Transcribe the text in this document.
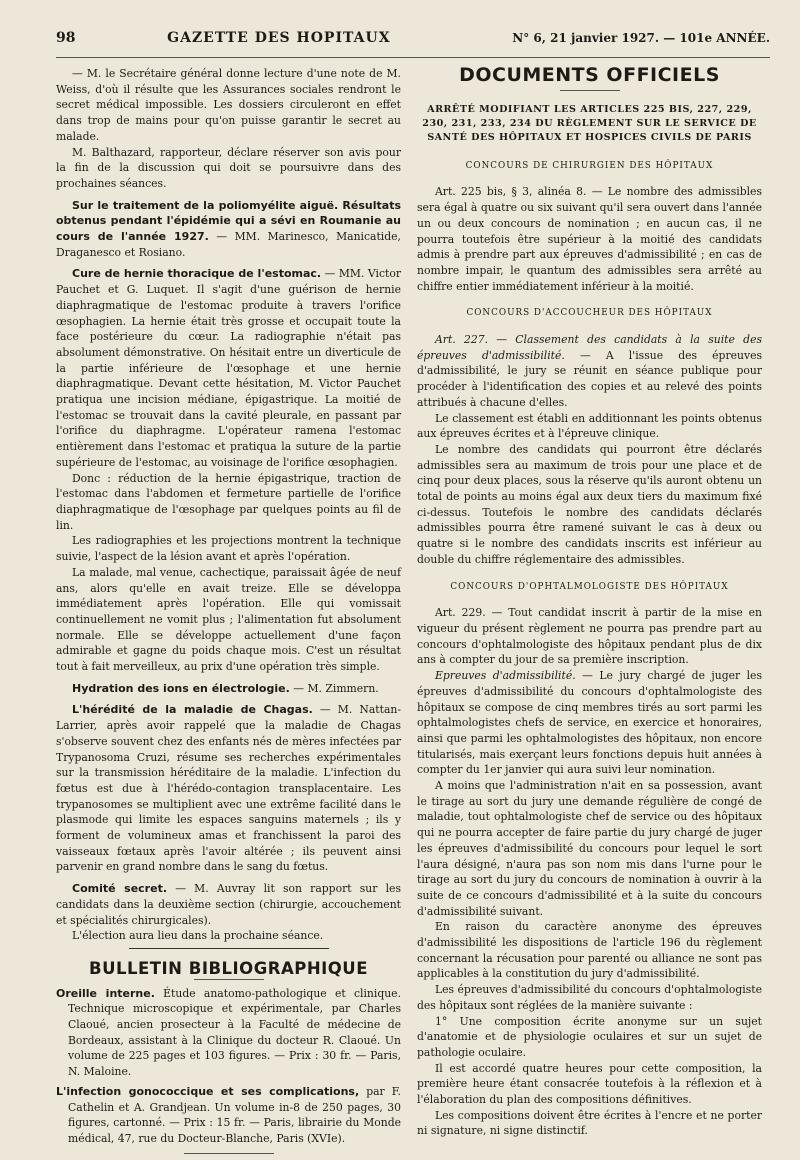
98	GAZETTE DES HOPITAUX	N° 6, 21 janvier 1927. — 101e ANNÉE.

— M. le Secrétaire général donne lecture d'une note de M. Weiss, d'où il résulte que les Assurances sociales rendront le secret médical impossible. Les dossiers circuleront en effet dans trop de mains pour qu'on puisse garantir le secret au malade.

M. Balthazard, rapporteur, déclare réserver son avis pour la fin de la discussion qui doit se poursuivre dans des prochaines séances.

Sur le traitement de la poliomyélite aiguë. Résultats obtenus pendant l'épidémie qui a sévi en Roumanie au cours de l'année 1927. — MM. Marinesco, Manicatide, Draganesco et Rosiano.

Cure de hernie thoracique de l'estomac. — MM. Victor Pauchet et G. Luquet. Il s'agit d'une guérison de hernie diaphragmatique de l'estomac produite à travers l'orifice œsophagien. La hernie était très grosse et occupait toute la face postérieure du cœur. La radiographie n'était pas absolument démonstrative. On hésitait entre un diverticule de la partie inférieure de l'œsophage et une hernie diaphragmatique. Devant cette hésitation, M. Victor Pauchet pratiqua une incision médiane, épigastrique. La moitié de l'estomac se trouvait dans la cavité pleurale, en passant par l'orifice du diaphragme. L'opérateur ramena l'estomac entièrement dans l'estomac et pratiqua la suture de la partie supérieure de l'estomac, au voisinage de l'orifice œsophagien.

Donc : réduction de la hernie épigastrique, traction de l'estomac dans l'abdomen et fermeture partielle de l'orifice diaphragmatique de l'œsophage par quelques points au fil de lin.

Les radiographies et les projections montrent la technique suivie, l'aspect de la lésion avant et après l'opération.

La malade, mal venue, cachectique, paraissait âgée de neuf ans, alors qu'elle en avait treize. Elle se développa immédiatement après l'opération. Elle qui vomissait continuellement ne vomit plus ; l'alimentation fut absolument normale. Elle se développe actuellement d'une façon admirable et gagne du poids chaque mois. C'est un résultat tout à fait merveilleux, au prix d'une opération très simple.

Hydration des ions en électrologie. — M. Zimmern.

L'hérédité de la maladie de Chagas. — M. Nattan-Larrier, après avoir rappelé que la maladie de Chagas s'observe souvent chez des enfants nés de mères infectées par Trypanosoma Cruzi, résume ses recherches expérimentales sur la transmission héréditaire de la maladie. L'infection du fœtus est due à l'hérédo-contagion transplacentaire. Les trypanosomes se multiplient avec une extrême facilité dans le plasmode qui limite les espaces sanguins maternels ; ils y forment de volumineux amas et franchissent la paroi des vaisseaux fœtaux après l'avoir altérée ; ils peuvent ainsi parvenir en grand nombre dans le sang du fœtus.

Comité secret. — M. Auvray lit son rapport sur les candidats dans la deuxième section (chirurgie, accouchement et spécialités chirurgicales).

L'élection aura lieu dans la prochaine séance.

BULLETIN BIBLIOGRAPHIQUE

Oreille interne. Étude anatomo-pathologique et clinique. Technique microscopique et expérimentale, par Charles Claoué, ancien prosecteur à la Faculté de médecine de Bordeaux, assistant à la Clinique du docteur R. Claoué. Un volume de 225 pages et 103 figures. — Prix : 30 fr. — Paris, N. Maloine.

L'infection gonococcique et ses complications, par F. Cathelin et A. Grandjean. Un volume in-8 de 250 pages, 30 figures, cartonné. — Prix : 15 fr. — Paris, librairie du Monde médical, 47, rue du Docteur-Blanche, Paris (XVIe).

DOCUMENTS OFFICIELS
ARRÊTÉ MODIFIANT LES ARTICLES 225 BIS, 227, 229, 230, 231, 233, 234 DU RÈGLEMENT SUR LE SERVICE DE SANTÉ DES HÔPITAUX ET HOSPICES CIVILS DE PARIS
CONCOURS DE CHIRURGIEN DES HÔPITAUX

Art. 225 bis, § 3, alinéa 8. — Le nombre des admissibles sera égal à quatre ou six suivant qu'il sera ouvert dans l'année un ou deux concours de nomination ; en aucun cas, il ne pourra toutefois être supérieur à la moitié des candidats admis à prendre part aux épreuves d'admissibilité ; en cas de nombre impair, le quantum des admissibles sera arrêté au chiffre entier immédiatement inférieur à la moitié.

CONCOURS D'ACCOUCHEUR DES HÔPITAUX

Art. 227. — Classement des candidats à la suite des épreuves d'admissibilité. — A l'issue des épreuves d'admissibilité, le jury se réunit en séance publique pour procéder à l'identification des copies et au relevé des points attribués à chacune d'elles.

Le classement est établi en additionnant les points obtenus aux épreuves écrites et à l'épreuve clinique.

Le nombre des candidats qui pourront être déclarés admissibles sera au maximum de trois pour une place et de cinq pour deux places, sous la réserve qu'ils auront obtenu un total de points au moins égal aux deux tiers du maximum fixé ci-dessus. Toutefois le nombre des candidats déclarés admissibles pourra être ramené suivant le cas à deux ou quatre si le nombre des candidats inscrits est inférieur au double du chiffre réglementaire des admissibles.

CONCOURS D'OPHTALMOLOGISTE DES HÔPITAUX

Art. 229. — Tout candidat inscrit à partir de la mise en vigueur du présent règlement ne pourra pas prendre part au concours d'ophtalmologiste des hôpitaux pendant plus de dix ans à compter du jour de sa première inscription.

Epreuves d'admissibilité. — Le jury chargé de juger les épreuves d'admissibilité du concours d'ophtalmologiste des hôpitaux se compose de cinq membres tirés au sort parmi les ophtalmologistes chefs de service, en exercice et honoraires, ainsi que parmi les ophtalmologistes des hôpitaux, non encore titularisés, mais exerçant leurs fonctions depuis huit années à compter du 1er janvier qui aura suivi leur nomination.

A moins que l'administration n'ait en sa possession, avant le tirage au sort du jury une demande régulière de congé de maladie, tout ophtalmologiste chef de service ou des hôpitaux qui ne pourra accepter de faire partie du jury chargé de juger les épreuves d'admissibilité du concours pour lequel le sort l'aura désigné, n'aura pas son nom mis dans l'urne pour le tirage au sort du jury du concours de nomination à ouvrir à la suite de ce concours d'admissibilité et à la suite du concours d'admissibilité suivant.

En raison du caractère anonyme des épreuves d'admissibilité les dispositions de l'article 196 du règlement concernant la récusation pour parenté ou alliance ne sont pas applicables à la constitution du jury d'admissibilité.

Les épreuves d'admissibilité du concours d'ophtalmologiste des hôpitaux sont réglées de la manière suivante :

1° Une composition écrite anonyme sur un sujet d'anatomie et de physiologie oculaires et sur un sujet de pathologie oculaire.

Il est accordé quatre heures pour cette composition, la première heure étant consacrée toutefois à la réflexion et à l'élaboration du plan des compositions définitives.

Les compositions doivent être écrites à l'encre et ne porter ni signature, ni signe distinctif.
